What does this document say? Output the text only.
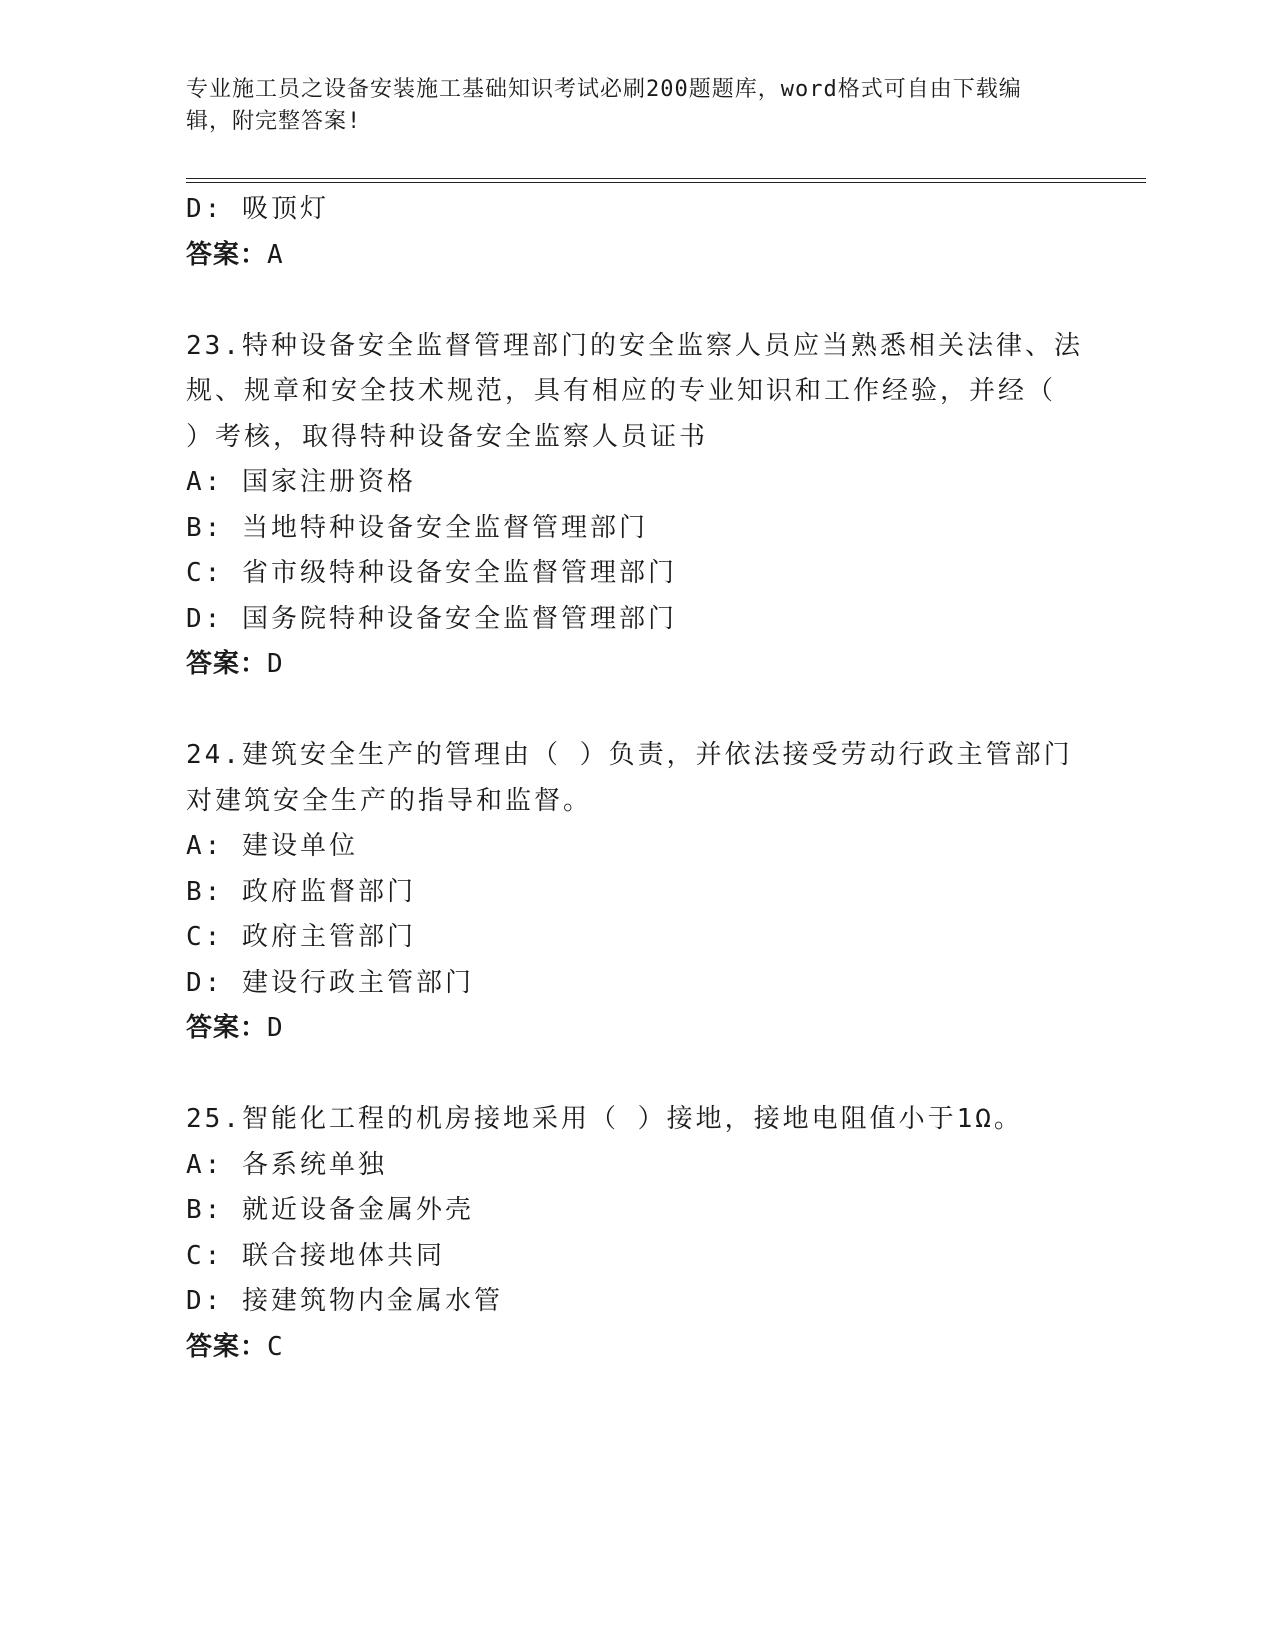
专业施工员之设备安装施工基础知识考试必刷200题题库，word格式可自由下载编辑，附完整答案!

D: 吸顶灯

答案：A

23.特种设备安全监督管理部门的安全监察人员应当熟悉相关法律、法规、规章和安全技术规范，具有相应的专业知识和工作经验，并经（ ）考核，取得特种设备安全监察人员证书

A: 国家注册资格

B: 当地特种设备安全监督管理部门

C: 省市级特种设备安全监督管理部门

D: 国务院特种设备安全监督管理部门

答案：D

24.建筑安全生产的管理由（ ）负责，并依法接受劳动行政主管部门对建筑安全生产的指导和监督。

A: 建设单位

B: 政府监督部门

C: 政府主管部门

D: 建设行政主管部门

答案：D

25.智能化工程的机房接地采用（ ）接地，接地电阻值小于1Ω。

A: 各系统单独

B: 就近设备金属外壳

C: 联合接地体共同

D: 接建筑物内金属水管

答案：C
